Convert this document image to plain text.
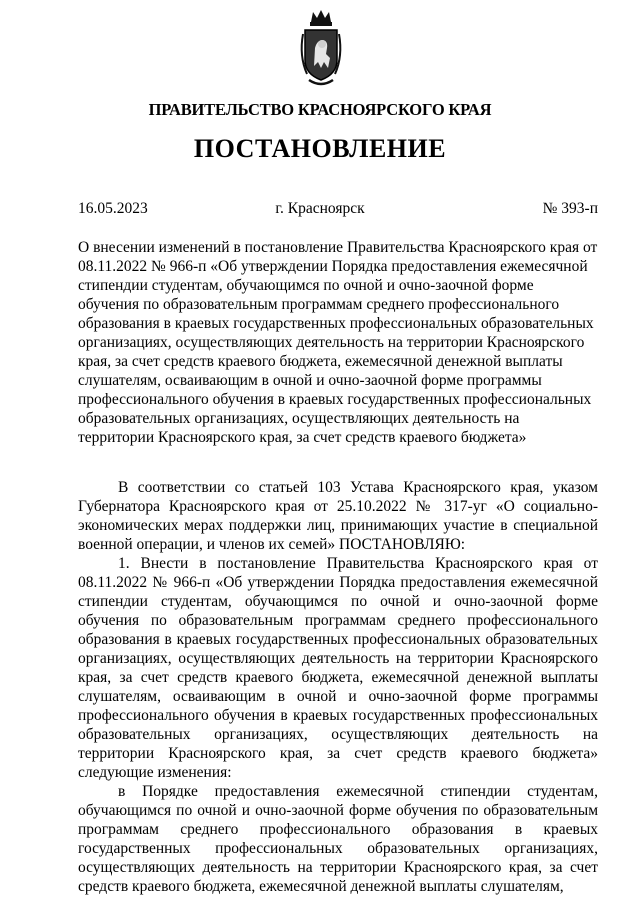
ПРАВИТЕЛЬСТВО КРАСНОЯРСКОГО КРАЯ
ПОСТАНОВЛЕНИЕ
16.05.2023	г. Красноярск	№ 393-п
О внесении изменений в постановление Правительства Красноярского края от 08.11.2022 № 966-п «Об утверждении Порядка предоставления ежемесячной стипендии студентам, обучающимся по очной и очно-заочной форме обучения по образовательным программам среднего профессионального образования в краевых государственных профессиональных образовательных организациях, осуществляющих деятельность на территории Красноярского края, за счет средств краевого бюджета, ежемесячной денежной выплаты слушателям, осваивающим в очной и очно-заочной форме программы профессионального обучения в краевых государственных профессиональных образовательных организациях, осуществляющих деятельность на территории Красноярского края, за счет средств краевого бюджета»

В соответствии со статьей 103 Устава Красноярского края, указом Губернатора Красноярского края от 25.10.2022 № 317-уг «О социально-экономических мерах поддержки лиц, принимающих участие в специальной военной операции, и членов их семей» ПОСТАНОВЛЯЮ:

1. Внести в постановление Правительства Красноярского края от 08.11.2022 № 966-п «Об утверждении Порядка предоставления ежемесячной стипендии студентам, обучающимся по очной и очно-заочной форме обучения по образовательным программам среднего профессионального образования в краевых государственных профессиональных образовательных организациях, осуществляющих деятельность на территории Красноярского края, за счет средств краевого бюджета, ежемесячной денежной выплаты слушателям, осваивающим в очной и очно-заочной форме программы профессионального обучения в краевых государственных профессиональных образовательных организациях, осуществляющих деятельность на территории Красноярского края, за счет средств краевого бюджета» следующие изменения:

в Порядке предоставления ежемесячной стипендии студентам, обучающимся по очной и очно-заочной форме обучения по образовательным программам среднего профессионального образования в краевых государственных профессиональных образовательных организациях, осуществляющих деятельность на территории Красноярского края, за счет средств краевого бюджета, ежемесячной денежной выплаты слушателям,
